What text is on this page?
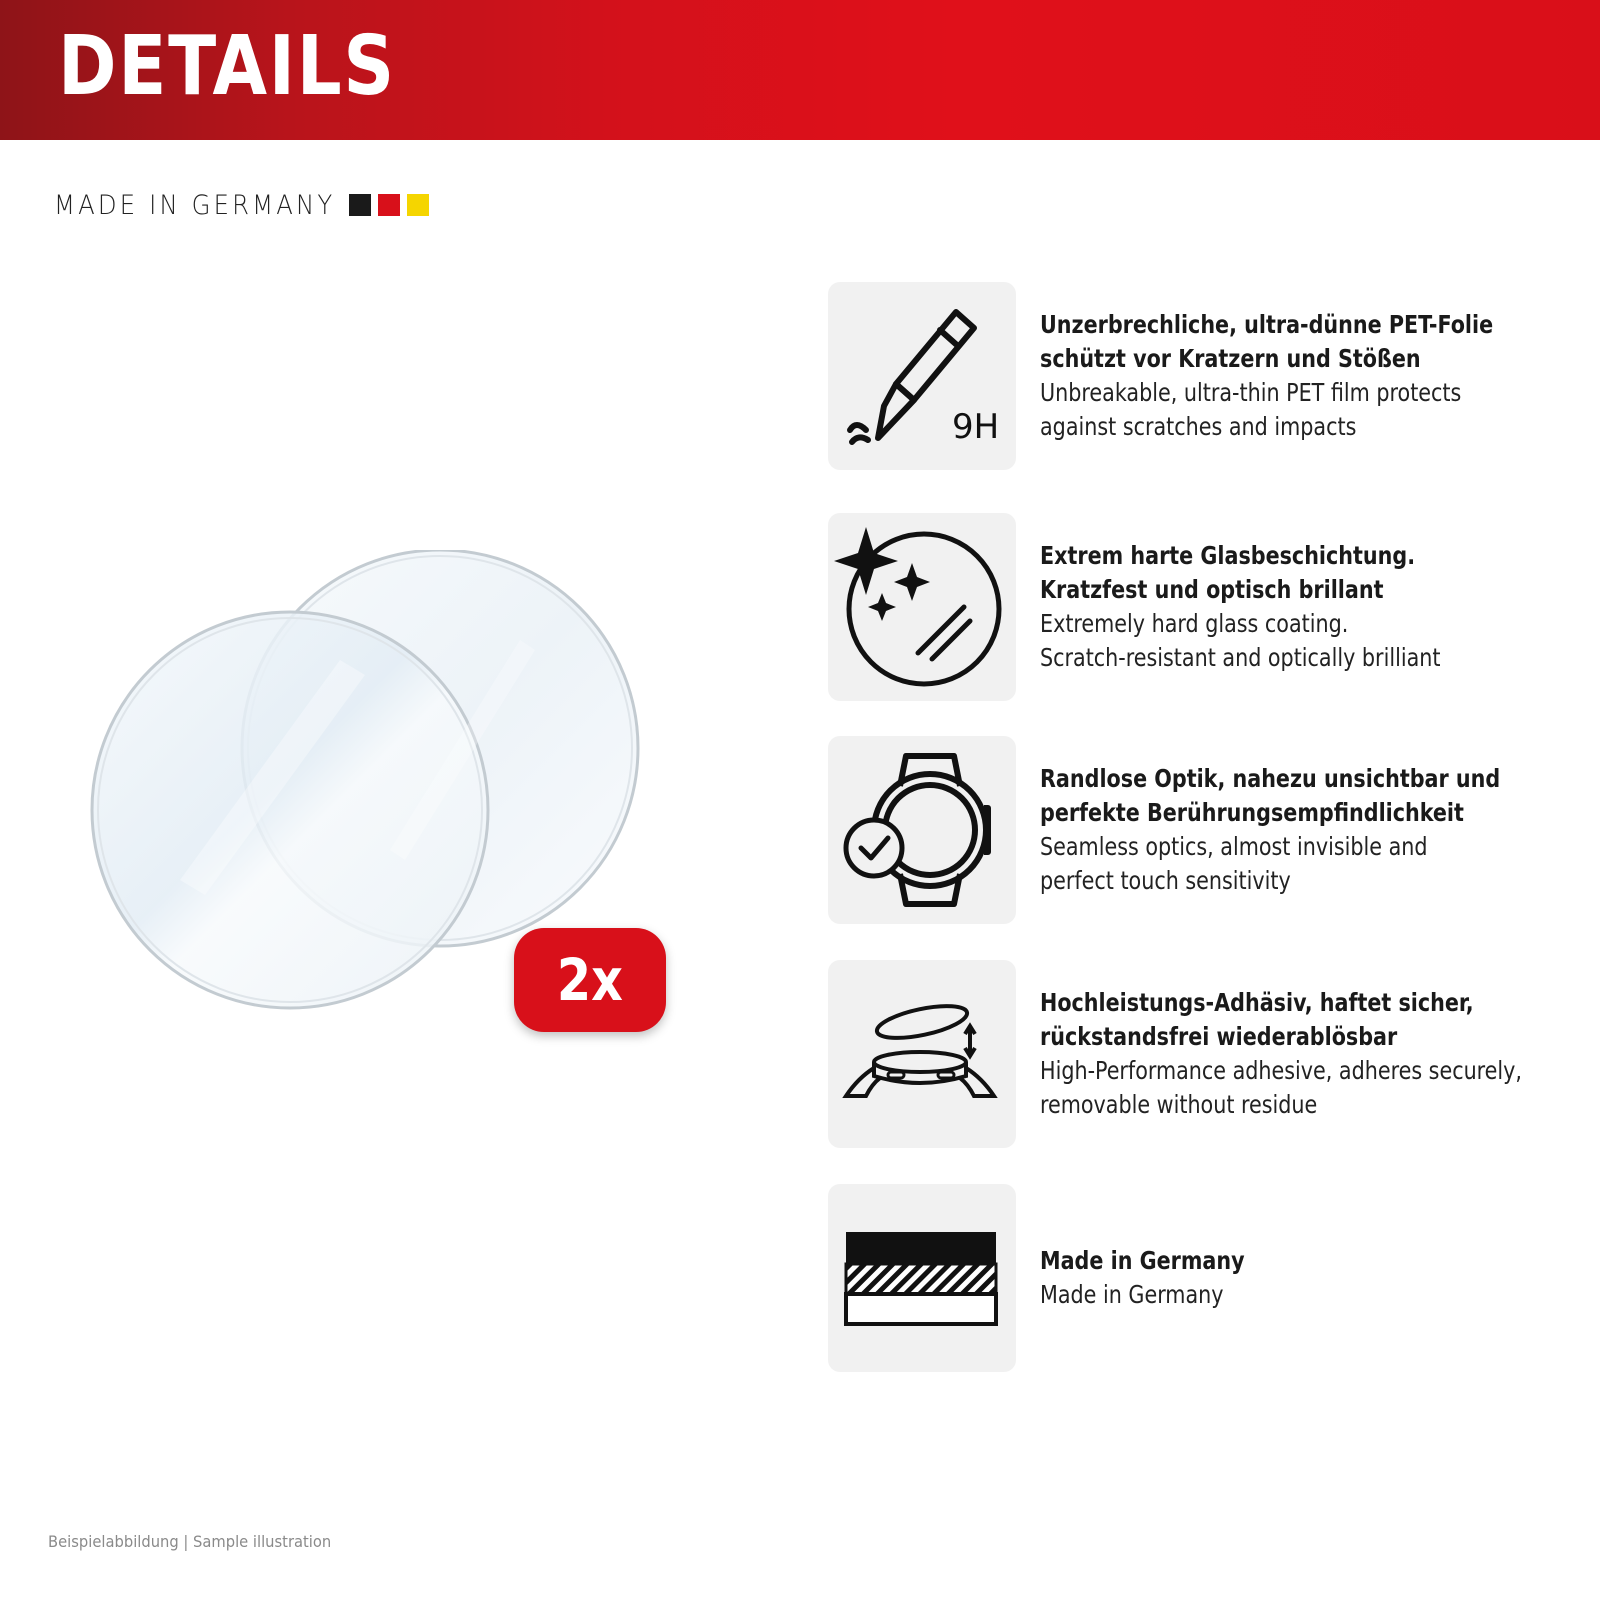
DETAILS
MADE IN GERMANY
2x
9H
Unzerbrechliche, ultra-dünne PET-Folie
schützt vor Kratzern und Stößen
Unbreakable, ultra-thin PET film protects
against scratches and impacts
Extrem harte Glasbeschichtung.
Kratzfest und optisch brillant
Extremely hard glass coating.
Scratch-resistant and optically brilliant
Randlose Optik, nahezu unsichtbar und
perfekte Berührungsempfindlichkeit
Seamless optics, almost invisible and
perfect touch sensitivity
Hochleistungs-Adhäsiv, haftet sicher,
rückstandsfrei wiederablösbar
High-Performance adhesive, adheres securely,
removable without residue
Made in Germany
Made in Germany
Beispielabbildung | Sample illustration
